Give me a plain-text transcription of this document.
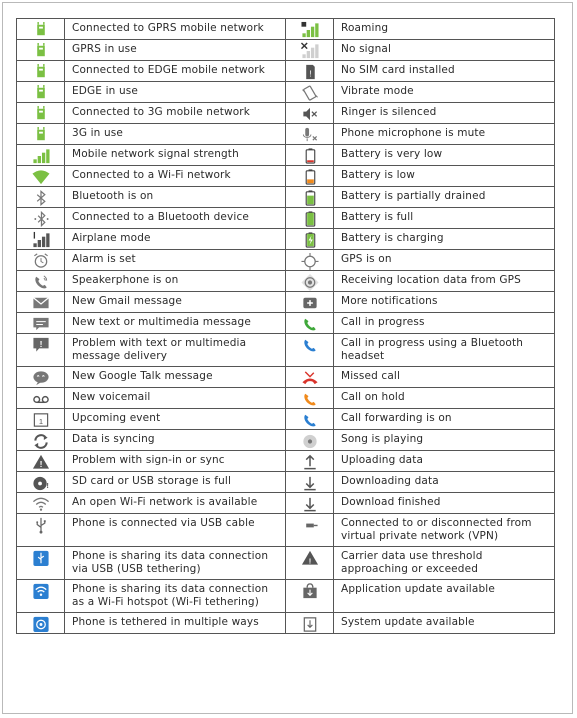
	Connected to GPRS mobile network		Roaming

	GPRS in use		No signal

	Connected to EDGE mobile network	!	No SIM card installed

	EDGE in use		Vibrate mode

	Connected to 3G mobile network		Ringer is silenced

	3G in use		Phone microphone is mute

	Mobile network signal strength		Battery is very low

	Connected to a Wi-Fi network		Battery is low

	Bluetooth is on		Battery is partially drained

	Connected to a Bluetooth device		Battery is full

	Airplane mode		Battery is charging

	Alarm is set		GPS is on

	Speakerphone is on		Receiving location data from GPS

	New Gmail message		More notifications

	New text or multimedia message		Call in progress

!	Problem with text or multimedia message delivery		Call in progress using a Bluetooth headset

	New Google Talk message		Missed call

	New voicemail		Call on hold

1	Upcoming event		Call forwarding is on

	Data is syncing		Song is playing

!	Problem with sign-in or sync		Uploading data

!	SD card or USB storage is full		Downloading data

	An open Wi-Fi network is available		Download finished

	Phone is connected via USB cable		Connected to or disconnected from virtual private network (VPN)

	Phone is sharing its data connection via USB (USB tethering)	!	Carrier data use threshold approaching or exceeded

	Phone is sharing its data connection as a Wi-Fi hotspot (Wi-Fi tethering)		Application update available

	Phone is tethered in multiple ways		System update available
